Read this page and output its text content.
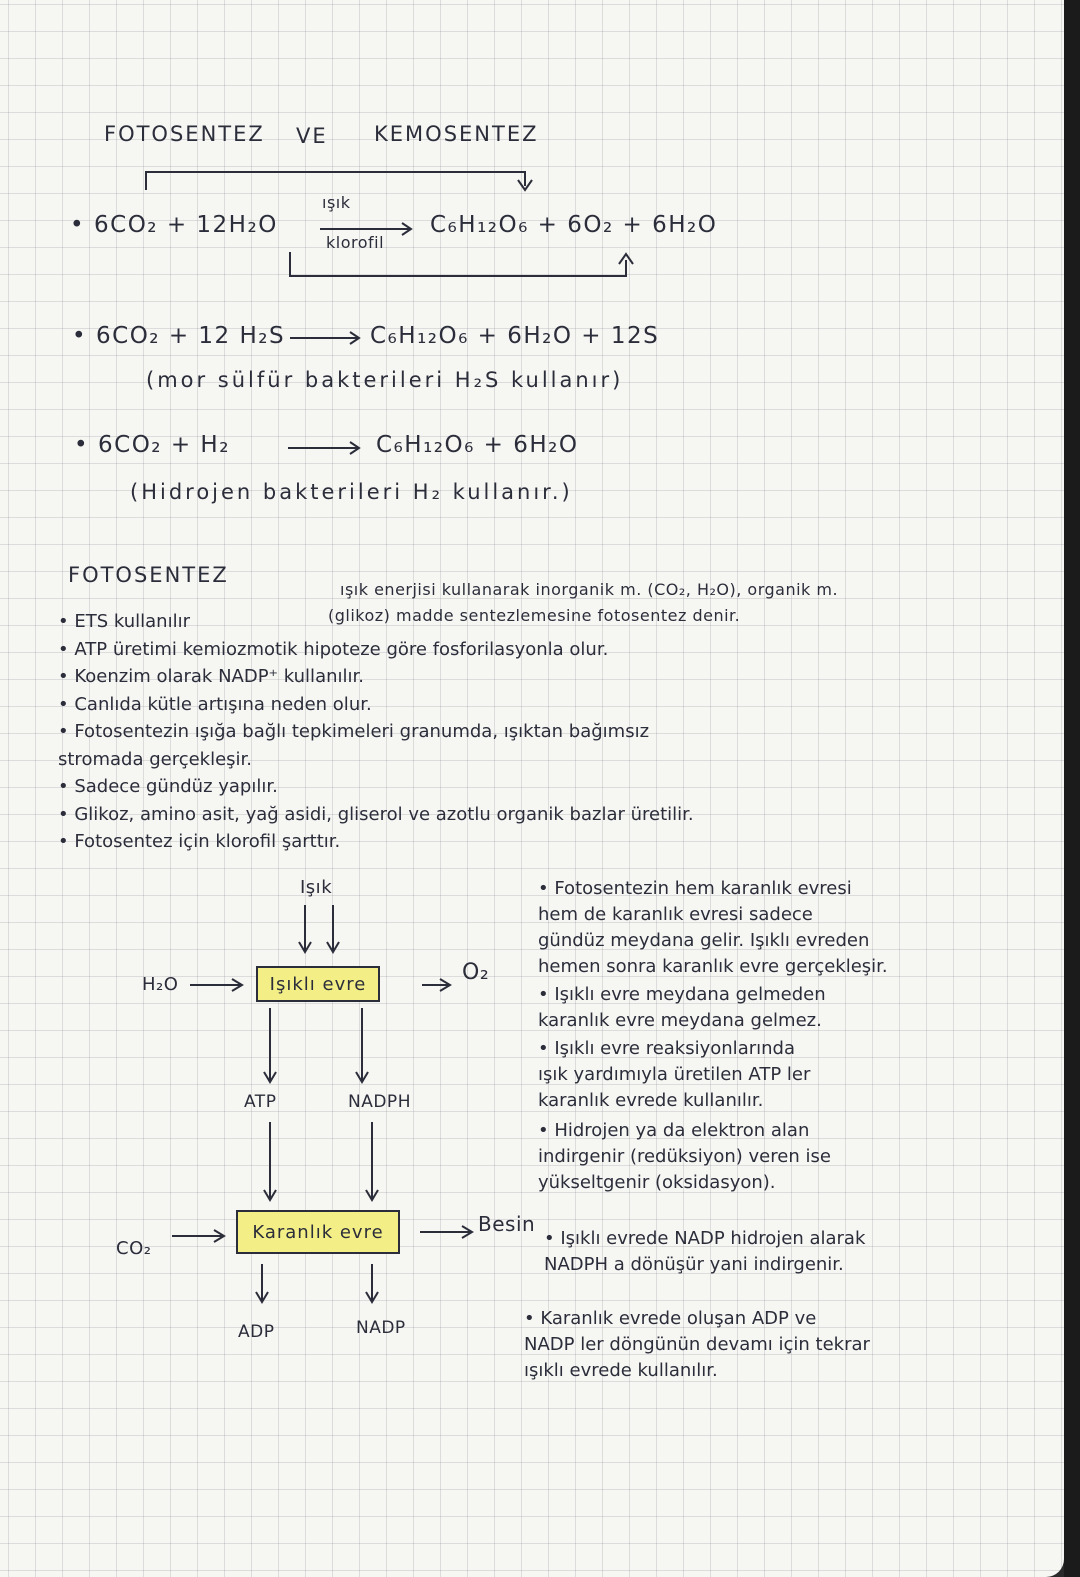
FOTOSENTEZ VE KEMOSENTEZ
• 6CO₂ + 12H₂O
ışık
klorofil
C₆H₁₂O₆ + 6O₂ + 6H₂O
• 6CO₂ + 12 H₂S	C₆H₁₂O₆ + 6H₂O + 12S
(mor sülfür bakterileri H₂S kullanır)
• 6CO₂ + H₂	C₆H₁₂O₆ + 6H₂O
(Hidrojen bakterileri H₂ kullanır.)
FOTOSENTEZ
ışık enerjisi kullanarak inorganik m. (CO₂, H₂O), organik m.
(glikoz) madde sentezlemesine fotosentez denir.
• ETS kullanılır
• ATP üretimi kemiozmotik hipoteze göre fosforilasyonla olur.
• Koenzim olarak NADP⁺ kullanılır.
• Canlıda kütle artışına neden olur.
• Fotosentezin ışığa bağlı tepkimeleri granumda, ışıktan bağımsız
stromada gerçekleşir.
• Sadece gündüz yapılır.
• Glikoz, amino asit, yağ asidi, gliserol ve azotlu organik bazlar üretilir.
• Fotosentez için klorofil şarttır.
Işık
H₂O	Işıklı evre	O₂
ATP	NADPH
CO₂
Karanlık evre	Besin
ADP	NADP
• Fotosentezin hem karanlık evresi
hem de karanlık evresi sadece
gündüz meydana gelir. Işıklı evreden
hemen sonra karanlık evre gerçekleşir.
• Işıklı evre meydana gelmeden
karanlık evre meydana gelmez.
• Işıklı evre reaksiyonlarında
ışık yardımıyla üretilen ATP ler
karanlık evrede kullanılır.
• Hidrojen ya da elektron alan
indirgenir (redüksiyon) veren ise
yükseltgenir (oksidasyon).
• Işıklı evrede NADP hidrojen alarak
NADPH a dönüşür yani indirgenir.
• Karanlık evrede oluşan ADP ve
NADP ler döngünün devamı için tekrar
ışıklı evrede kullanılır.
